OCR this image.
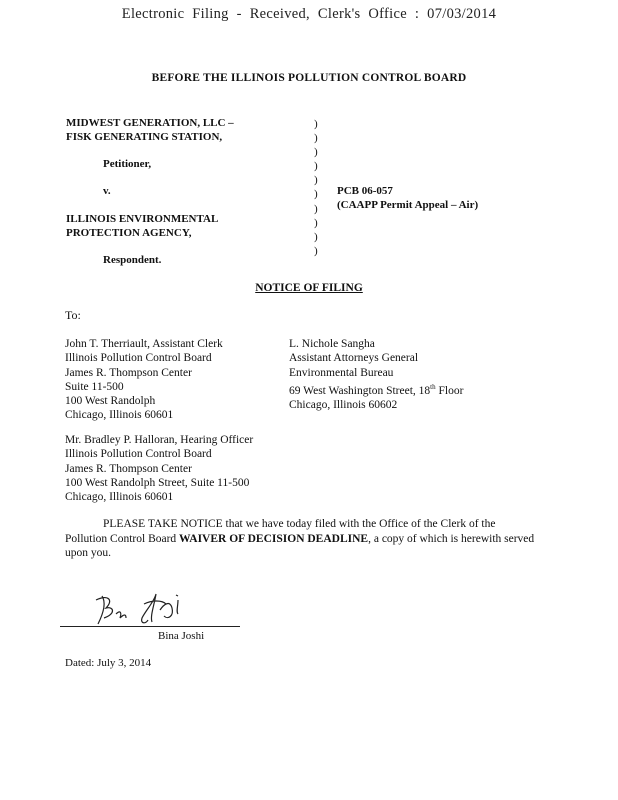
Electronic Filing - Received, Clerk's Office : 07/03/2014
BEFORE THE ILLINOIS POLLUTION CONTROL BOARD
MIDWEST GENERATION, LLC –
FISK GENERATING STATION,
Petitioner,
v.
ILLINOIS ENVIRONMENTAL
PROTECTION AGENCY,
Respondent.
)
)
)
)
)
)
)
)
)
)
PCB 06-057
(CAAPP Permit Appeal – Air)
NOTICE OF FILING
To:
John T. Therriault, Assistant Clerk
Illinois Pollution Control Board
James R. Thompson Center
Suite 11-500
100 West Randolph
Chicago, Illinois 60601
L. Nichole Sangha
Assistant Attorneys General
Environmental Bureau
69 West Washington Street, 18th Floor
Chicago, Illinois 60602
Mr. Bradley P. Halloran, Hearing Officer
Illinois Pollution Control Board
James R. Thompson Center
100 West Randolph Street, Suite 11-500
Chicago, Illinois 60601
PLEASE TAKE NOTICE that we have today filed with the Office of the Clerk of the Pollution Control Board WAIVER OF DECISION DEADLINE, a copy of which is herewith served upon you.
Bina Joshi
Dated: July 3, 2014
